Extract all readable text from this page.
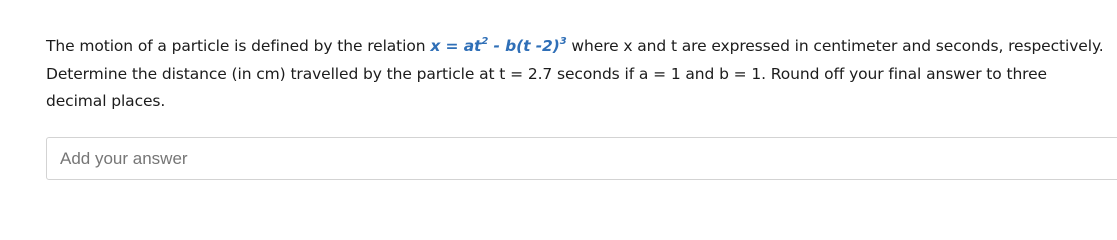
The motion of a particle is defined by the relation $x = at^2 - b(t$ -2)$^3$ where x and t are expressed in centimeter and seconds, respectively. Determine the distance (in cm) travelled by the particle at t = 2.7 seconds if a = 1 and b = 1. Round off your final answer to three decimal places.
Add your answer
